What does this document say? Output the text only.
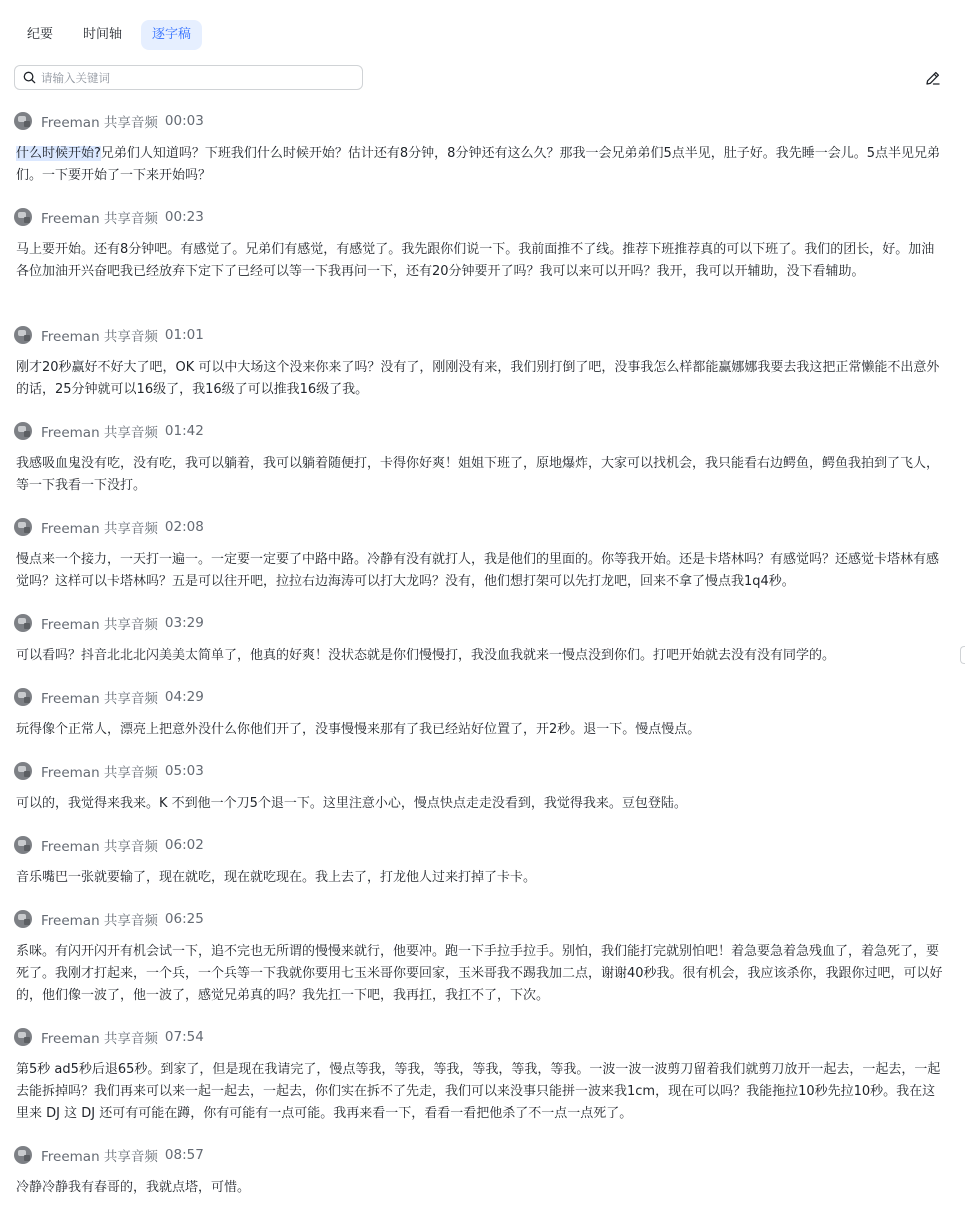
纪要	时间轴	逐字稿
请输入关键词
Freeman 共享音频 00:03
什么时候开始?兄弟们人知道吗？下班我们什么时候开始？估计还有8分钟，8分钟还有这么久？那我一会兄弟弟们5点半见，肚子好。我先睡一会儿。5点半见兄弟们。一下要开始了一下来开始吗？
Freeman 共享音频 00:23
马上要开始。还有8分钟吧。有感觉了。兄弟们有感觉，有感觉了。我先跟你们说一下。我前面推不了线。推荐下班推荐真的可以下班了。我们的团长，好。加油各位加油开兴奋吧我已经放弃下定下了已经可以等一下我再问一下，还有20分钟要开了吗？我可以来可以开吗？我开，我可以开辅助，没下看辅助。
Freeman 共享音频 01:01
刚才20秒赢好不好大了吧，OK 可以中大场这个没来你来了吗？没有了，刚刚没有来，我们别打倒了吧，没事我怎么样都能赢娜娜我要去我这把正常懒能不出意外的话，25分钟就可以16级了，我16级了可以推我16级了我。
Freeman 共享音频 01:42
我感吸血鬼没有吃，没有吃，我可以躺着，我可以躺着随便打，卡得你好爽！姐姐下班了，原地爆炸，大家可以找机会，我只能看右边鳄鱼，鳄鱼我拍到了飞人，等一下我看一下没打。
Freeman 共享音频 02:08
慢点来一个接力，一天打一遍一。一定要一定要了中路中路。冷静有没有就打人，我是他们的里面的。你等我开始。还是卡塔林吗？有感觉吗？还感觉卡塔林有感觉吗？这样可以卡塔林吗？五是可以往开吧，拉拉右边海涛可以打大龙吗？没有，他们想打架可以先打龙吧，回来不拿了慢点我1q4秒。
Freeman 共享音频 03:29
可以看吗？抖音北北北闪美美太简单了，他真的好爽！没状态就是你们慢慢打，我没血我就来一慢点没到你们。打吧开始就去没有没有同学的。
Freeman 共享音频 04:29
玩得像个正常人，漂亮上把意外没什么你他们开了，没事慢慢来那有了我已经站好位置了，开2秒。退一下。慢点慢点。
Freeman 共享音频 05:03
可以的，我觉得来我来。K 不到他一个刀5个退一下。这里注意小心，慢点快点走走没看到，我觉得我来。豆包登陆。
Freeman 共享音频 06:02
音乐嘴巴一张就要输了，现在就吃，现在就吃现在。我上去了，打龙他人过来打掉了卡卡。
Freeman 共享音频 06:25
系咪。有闪开闪开有机会试一下，追不完也无所谓的慢慢来就行，他要冲。跑一下手拉手拉手。别怕，我们能打完就别怕吧！着急要急着急残血了，着急死了，要死了。我刚才打起来，一个兵，一个兵等一下我就你要用七玉米哥你要回家，玉米哥我不踢我加二点，谢谢40秒我。很有机会，我应该杀你，我跟你过吧，可以好的，他们像一波了，他一波了，感觉兄弟真的吗？我先扛一下吧，我再扛，我扛不了，下次。
Freeman 共享音频 07:54
第5秒 ad5秒后退65秒。到家了，但是现在我请完了，慢点等我，等我，等我，等我，等我，等我。一波一波一波剪刀留着我们就剪刀放开一起去，一起去，一起去能拆掉吗？我们再来可以来一起一起去，一起去，你们实在拆不了先走，我们可以来没事只能拼一波来我1cm，现在可以吗？我能拖拉10秒先拉10秒。我在这里来 DJ 这 DJ 还可有可能在蹲，你有可能有一点可能。我再来看一下，看看一看把他杀了不一点一点死了。
Freeman 共享音频 08:57
冷静冷静我有春哥的，我就点塔，可惜。
